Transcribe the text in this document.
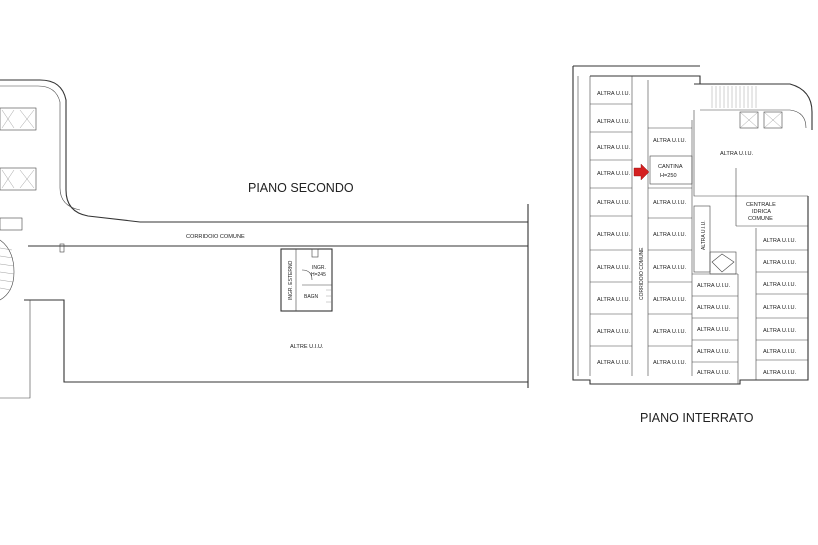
PIANO SECONDO
CORRIDOIO COMUNE
INGR. ESTERNO	INGR.
H=245
BAGN
ALTRE U.I.U.
ALTRA U.I.U.
ALTRA U.I.U.
ALTRA U.I.U.
ALTRA U.I.U.
ALTRA U.I.U.
ALTRA U.I.U.
ALTRA U.I.U.
ALTRA U.I.U.
ALTRA U.I.U.
ALTRA U.I.U.
CORRIDOIO COMUNE
ALTRA U.I.U.
CANTINA
H=250
ALTRA U.I.U.
ALTRA U.I.U.
ALTRA U.I.U.
ALTRA U.I.U.
ALTRA U.I.U.
ALTRA U.I.U.
ALTRA U.I.U.
ALTRA U.I.U.
CENTRALE
IDRICA
COMUNE
ALTRA U.I.U.
ALTRA U.I.U.
ALTRA U.I.U.
ALTRA U.I.U.
ALTRA U.I.U.
ALTRA U.I.U.
ALTRA U.I.U.
ALTRA U.I.U.
ALTRA U.I.U.
ALTRA U.I.U.
ALTRA U.I.U.
ALTRA U.I.U.
PIANO INTERRATO
